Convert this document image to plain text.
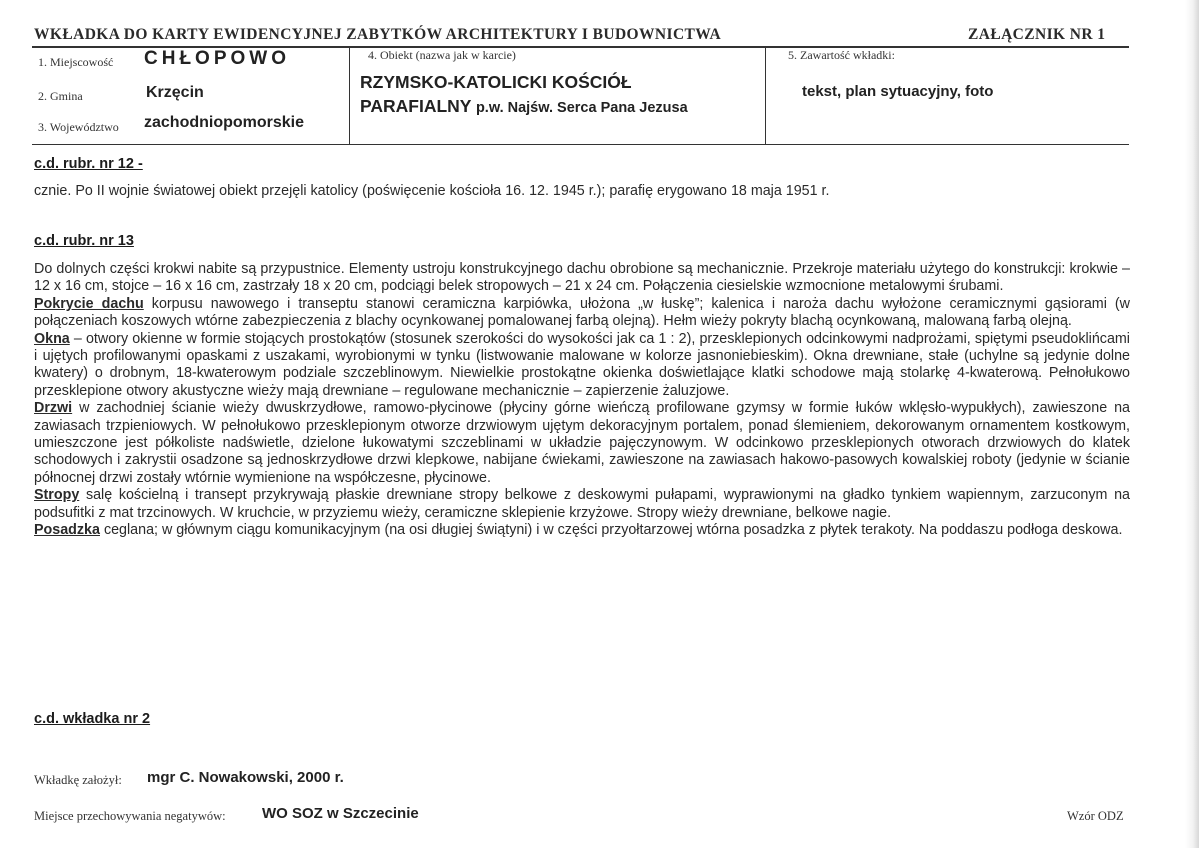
WKŁADKA DO KARTY EWIDENCYJNEJ ZABYTKÓW ARCHITEKTURY I BUDOWNICTWA	ZAŁĄCZNIK NR 1
1. Miejscowość CHŁOPOWO
2. Gmina	Krzęcin
3. Województwo zachodniopomorskie
4. Obiekt (nazwa jak w karcie)
RZYMSKO-KATOLICKI KOŚCIÓŁ
PARAFIALNY p.w. Najśw. Serca Pana Jezusa
5. Zawartość wkładki:
tekst, plan sytuacyjny, foto
c.d. rubr. nr 12 -
cznie. Po II wojnie światowej obiekt przejęli katolicy (poświęcenie kościoła 16. 12. 1945 r.); parafię erygowano 18 maja 1951 r.
c.d. rubr. nr 13

Do dolnych części krokwi nabite są przypustnice. Elementy ustroju konstrukcyjnego dachu obrobione są mechanicznie. Przekroje materiału użytego do konstrukcji: krokwie – 12 x 16 cm, stojce – 16 x 16 cm, zastrzały 18 x 20 cm, podciągi belek stropowych – 21 x 24 cm. Połączenia ciesielskie wzmocnione metalowymi śrubami.

Pokrycie dachu korpusu nawowego i transeptu stanowi ceramiczna karpiówka, ułożona „w łuskę”; kalenica i naroża dachu wyłożone ceramicznymi gąsiorami (w połączeniach koszowych wtórne zabezpieczenia z blachy ocynkowanej pomalowanej farbą olejną). Hełm wieży pokryty blachą ocynkowaną, malowaną farbą olejną.

Okna – otwory okienne w formie stojących prostokątów (stosunek szerokości do wysokości jak ca 1 : 2), przesklepionych odcinkowymi nadprożami, spiętymi pseudoklińcami i ujętych profilowanymi opaskami z uszakami, wyrobionymi w tynku (listwowanie malowane w kolorze jasnoniebieskim). Okna drewniane, stałe (uchylne są jedynie dolne kwatery) o drobnym, 18-kwaterowym podziale szczeblinowym. Niewielkie prostokątne okienka doświetlające klatki schodowe mają stolarkę 4-kwaterową. Pełnołukowo przesklepione otwory akustyczne wieży mają drewniane – regulowane mechanicznie – zapierzenie żaluzjowe.

Drzwi w zachodniej ścianie wieży dwuskrzydłowe, ramowo-płycinowe (płyciny górne wieńczą profilowane gzymsy w formie łuków wklęsło-wypukłych), zawieszone na zawiasach trzpieniowych. W pełnołukowo przesklepionym otworze drzwiowym ujętym dekoracyjnym portalem, ponad ślemieniem, dekorowanym ornamentem kostkowym, umieszczone jest półkoliste nadświetle, dzielone łukowatymi szczeblinami w układzie pajęczynowym. W odcinkowo przesklepionych otworach drzwiowych do klatek schodowych i zakrystii osadzone są jednoskrzydłowe drzwi klepkowe, nabijane ćwiekami, zawieszone na zawiasach hakowo-pasowych kowalskiej roboty (jedynie w ścianie północnej drzwi zostały wtórnie wymienione na współczesne, płycinowe.

Stropy salę kościelną i transept przykrywają płaskie drewniane stropy belkowe z deskowymi pułapami, wyprawionymi na gładko tynkiem wapiennym, zarzuconym na podsufitki z mat trzcinowych. W kruchcie, w przyziemu wieży, ceramiczne sklepienie krzyżowe. Stropy wieży drewniane, belkowe nagie.

Posadzka ceglana; w głównym ciągu komunikacyjnym (na osi długiej świątyni) i w części przyołtarzowej wtórna posadzka z płytek terakoty. Na poddaszu podłoga deskowa.

c.d. wkładka nr 2
Wkładkę założył: mgr C. Nowakowski, 2000 r.
Miejsce przechowywania negatywów: WO SOZ w Szczecinie	Wzór ODZ
